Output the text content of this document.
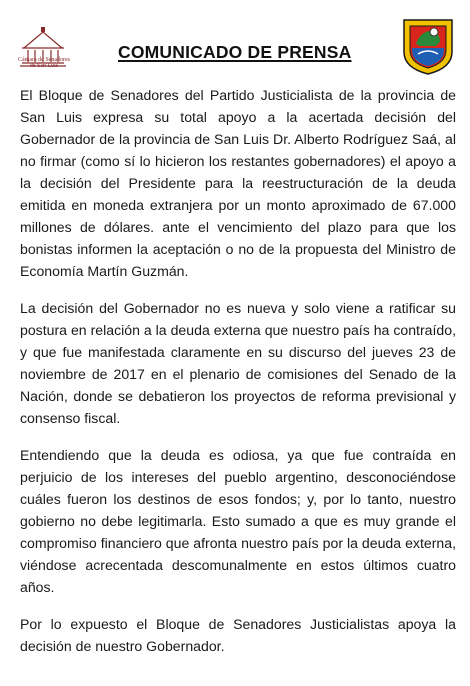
Cámara de Senadores
de San Luis
COMUNICADO DE PRENSA

El Bloque de Senadores del Partido Justicialista de la provincia de San Luis expresa su total apoyo a la acertada decisión del Gobernador de la provincia de San Luis Dr. Alberto Rodríguez Saá, al no firmar (como sí lo hicieron los restantes gobernadores) el apoyo a la decisión del Presidente para la reestructuración de la deuda emitida en moneda extranjera por un monto aproximado de 67.000 millones de dólares. ante el vencimiento del plazo para que los bonistas informen la aceptación o no de la propuesta del Ministro de Economía Martín Guzmán.

La decisión del Gobernador no es nueva y solo viene a ratificar su postura en relación a la deuda externa que nuestro país ha contraído, y que fue manifestada claramente en su discurso del jueves 23 de noviembre de 2017 en el plenario de comisiones del Senado de la Nación, donde se debatieron los proyectos de reforma previsional y consenso fiscal.

Entendiendo que la deuda es odiosa, ya que fue contraída en perjuicio de los intereses del pueblo argentino, desconociéndose cuáles fueron los destinos de esos fondos; y, por lo tanto, nuestro gobierno no debe legitimarla. Esto sumado a que es muy grande el compromiso financiero que afronta nuestro país por la deuda externa, viéndose acrecentada descomunalmente en estos últimos cuatro años.

Por lo expuesto el Bloque de Senadores Justicialistas apoya la decisión de nuestro Gobernador.
